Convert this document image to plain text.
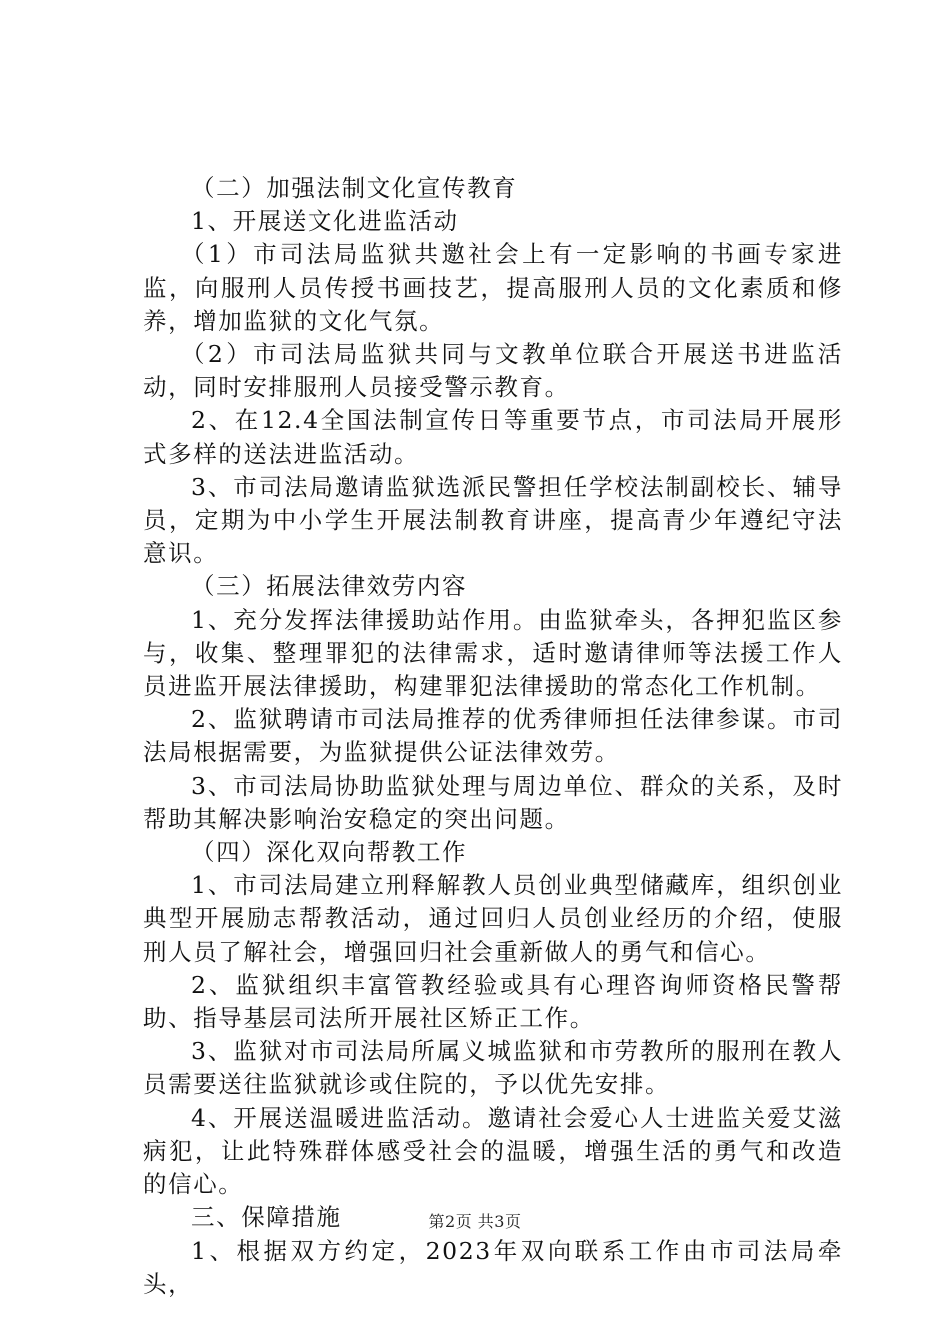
（二）加强法制文化宣传教育

1、开展送文化进监活动

（1）市司法局监狱共邀社会上有一定影响的书画专家进监，向服刑人员传授书画技艺，提高服刑人员的文化素质和修养，增加监狱的文化气氛。

（2）市司法局监狱共同与文教单位联合开展送书进监活动，同时安排服刑人员接受警示教育。

2、在12.4全国法制宣传日等重要节点，市司法局开展形式多样的送法进监活动。

3、市司法局邀请监狱选派民警担任学校法制副校长、辅导员，定期为中小学生开展法制教育讲座，提高青少年遵纪守法意识。

（三）拓展法律效劳内容

1、充分发挥法律援助站作用。由监狱牵头，各押犯监区参与，收集、整理罪犯的法律需求，适时邀请律师等法援工作人员进监开展法律援助，构建罪犯法律援助的常态化工作机制。

2、监狱聘请市司法局推荐的优秀律师担任法律参谋。市司法局根据需要，为监狱提供公证法律效劳。

3、市司法局协助监狱处理与周边单位、群众的关系，及时帮助其解决影响治安稳定的突出问题。

（四）深化双向帮教工作

1、市司法局建立刑释解教人员创业典型储藏库，组织创业典型开展励志帮教活动，通过回归人员创业经历的介绍，使服刑人员了解社会，增强回归社会重新做人的勇气和信心。

2、监狱组织丰富管教经验或具有心理咨询师资格民警帮助、指导基层司法所开展社区矫正工作。

3、监狱对市司法局所属义城监狱和市劳教所的服刑在教人员需要送往监狱就诊或住院的，予以优先安排。

4、开展送温暖进监活动。邀请社会爱心人士进监关爱艾滋病犯，让此特殊群体感受社会的温暖，增强生活的勇气和改造的信心。

三、保障措施

1、根据双方约定，2023年双向联系工作由市司法局牵头，

第2页 共3页
